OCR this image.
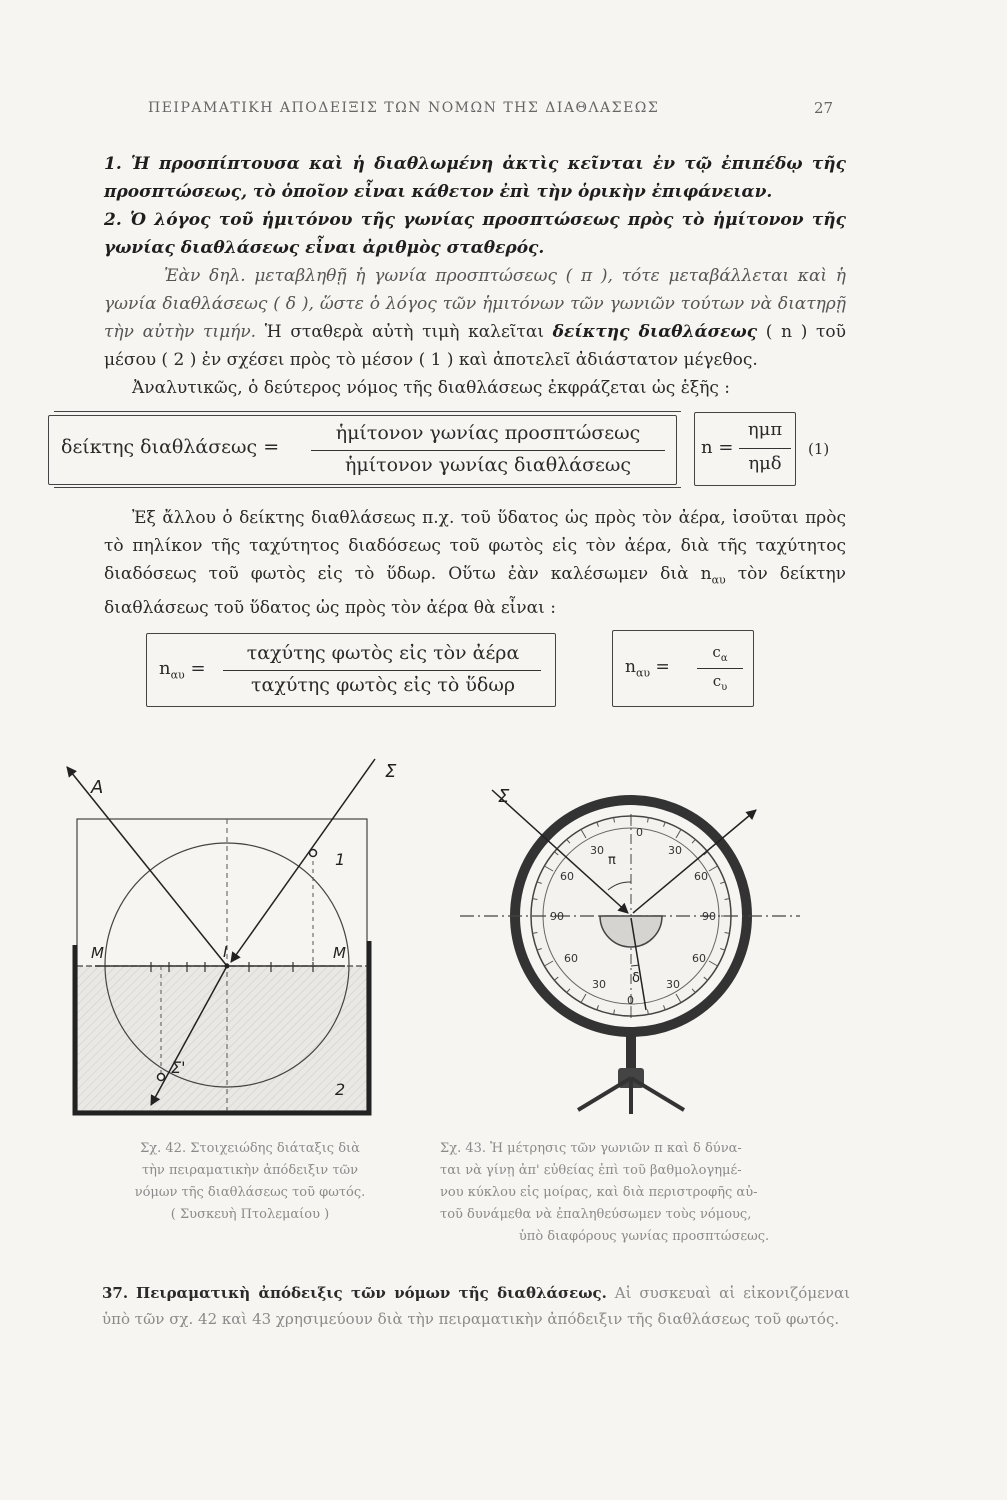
ΠΕΙΡΑΜΑΤΙΚΗ ΑΠΟΔΕΙΞΙΣ ΤΩΝ ΝΟΜΩΝ ΤΗΣ ΔΙΑΘΛΑΣΕΩΣ	27

1. Ἡ προσπίπτουσα καὶ ἡ διαθλωμένη ἀκτὶς κεῖνται ἐν τῷ ἐπιπέδῳ τῆς προσπτώσεως, τὸ ὁποῖον εἶναι κάθετον ἐπὶ τὴν ὁρικὴν ἐπιφάνειαν.

2. Ὁ λόγος τοῦ ἡμιτόνου τῆς γωνίας προσπτώσεως πρὸς τὸ ἡμίτονον τῆς γωνίας διαθλάσεως εἶναι ἀριθμὸς σταθερός.

Ἐὰν δηλ. μεταβληθῇ ἡ γωνία προσπτώσεως ( π ), τότε μεταβάλλεται καὶ ἡ γωνία διαθλάσεως ( δ ), ὥστε ὁ λόγος τῶν ἡμιτόνων τῶν γωνιῶν τούτων νὰ διατηρῇ τὴν αὐτὴν τιμήν. Ἡ σταθερὰ αὐτὴ τιμὴ καλεῖται δείκτης διαθλάσεως ( n ) τοῦ μέσου ( 2 ) ἐν σχέσει πρὸς τὸ μέσον ( 1 ) καὶ ἀποτελεῖ ἀδιάστατον μέγεθος.

Ἀναλυτικῶς, ὁ δεύτερος νόμος τῆς διαθλάσεως ἐκφράζεται ὡς ἑξῆς :

δείκτης διαθλάσεως =
ἡμίτονον γωνίας προσπτώσεως
ἡμίτονον γωνίας διαθλάσεως
n =
ημπ
ημδ
(1)

Ἐξ ἄλλου ὁ δείκτης διαθλάσεως π.χ. τοῦ ὕδατος ὡς πρὸς τὸν ἀέρα, ἰσοῦται πρὸς τὸ πηλίκον τῆς ταχύτητος διαδόσεως τοῦ φωτὸς εἰς τὸν ἀέρα, διὰ τῆς ταχύτητος διαδόσεως τοῦ φωτὸς εἰς τὸ ὕδωρ. Οὕτω ἐὰν καλέσωμεν διὰ $n_{\alpha\upsilon}$ τὸν δείκτην διαθλάσεως τοῦ ὕδατος ὡς πρὸς τὸν ἀέρα θὰ εἶναι :

$n_{\alpha\upsilon}$ =
ταχύτης φωτὸς εἰς τὸν ἀέρα
ταχύτης φωτὸς εἰς τὸ ὕδωρ
$n_{\alpha\upsilon}$ =
$c_\alpha$
$c_\upsilon$
A
Σ
1
2
M	M
I
Σ'
Σ
π
δ
0
30	30
60	60
90	90
60	60
30	30
0
Σχ. 42. Στοιχειώδης διάταξις διὰ
τὴν πειραματικὴν ἀπόδειξιν τῶν
νόμων τῆς διαθλάσεως τοῦ φωτός.
( Συσκευὴ Πτολεμαίου )
Σχ. 43. Ἡ μέτρησις τῶν γωνιῶν π καὶ δ δύνα-
ται νὰ γίνῃ ἀπ' εὐθείας ἐπὶ τοῦ βαθμολογημέ-
νου κύκλου εἰς μοίρας, καὶ διὰ περιστροφῆς αὐ-
τοῦ δυνάμεθα νὰ ἐπαληθεύσωμεν τοὺς νόμους,
ὑπὸ διαφόρους γωνίας προσπτώσεως.

37. Πειραματικὴ ἀπόδειξις τῶν νόμων τῆς διαθλάσεως. Αἱ συσκευαὶ αἱ εἰκονιζόμεναι ὑπὸ τῶν σχ. 42 καὶ 43 χρησιμεύουν διὰ τὴν πειραματικὴν ἀπόδειξιν τῆς διαθλάσεως τοῦ φωτός.
